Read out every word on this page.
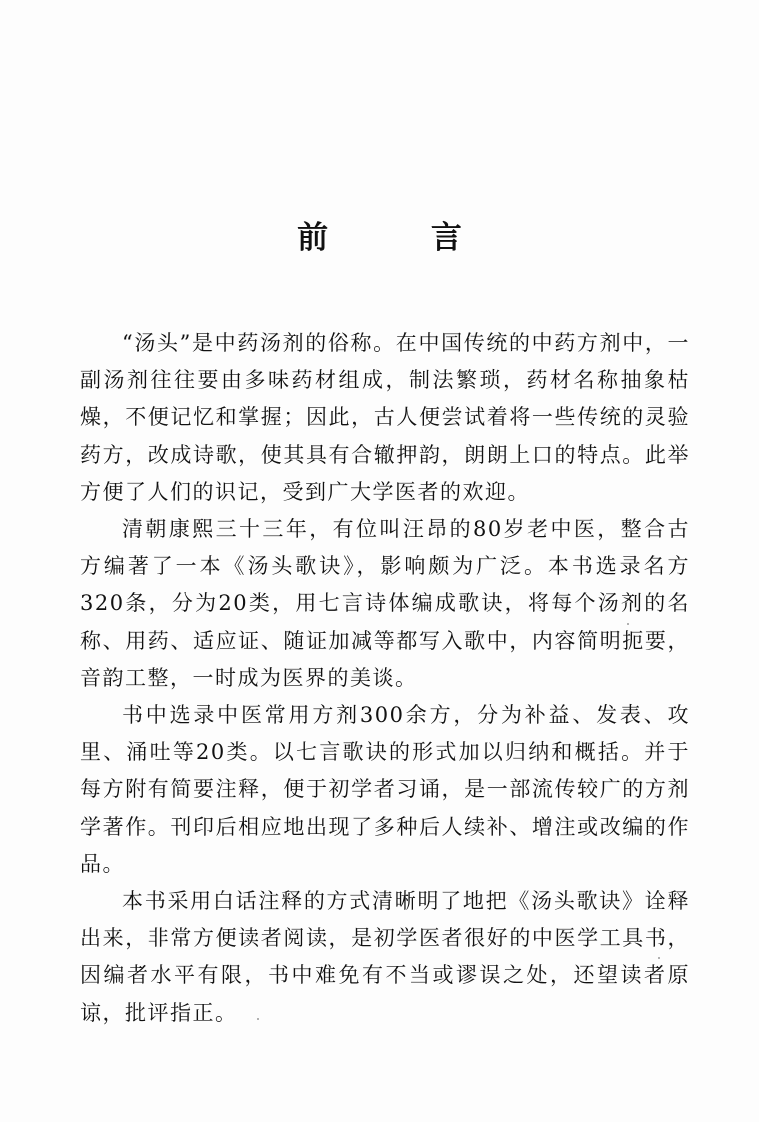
前 言

“汤头”是中药汤剂的俗称。在中国传统的中药方剂中，一副汤剂往往要由多味药材组成，制法繁琐，药材名称抽象枯燥，不便记忆和掌握；因此，古人便尝试着将一些传统的灵验药方，改成诗歌，使其具有合辙押韵，朗朗上口的特点。此举方便了人们的识记，受到广大学医者的欢迎。

清朝康熙三十三年，有位叫汪昂的80岁老中医，整合古方编著了一本《汤头歌诀》，影响颇为广泛。本书选录名方320条，分为20类，用七言诗体编成歌诀，将每个汤剂的名称、用药、适应证、随证加减等都写入歌中，内容简明扼要，音韵工整，一时成为医界的美谈。

书中选录中医常用方剂300余方，分为补益、发表、攻里、涌吐等20类。以七言歌诀的形式加以归纳和概括。并于每方附有简要注释，便于初学者习诵，是一部流传较广的方剂学著作。刊印后相应地出现了多种后人续补、增注或改编的作品。

本书采用白话注释的方式清晰明了地把《汤头歌诀》诠释出来，非常方便读者阅读，是初学医者很好的中医学工具书，因编者水平有限，书中难免有不当或谬误之处，还望读者原谅，批评指正。
